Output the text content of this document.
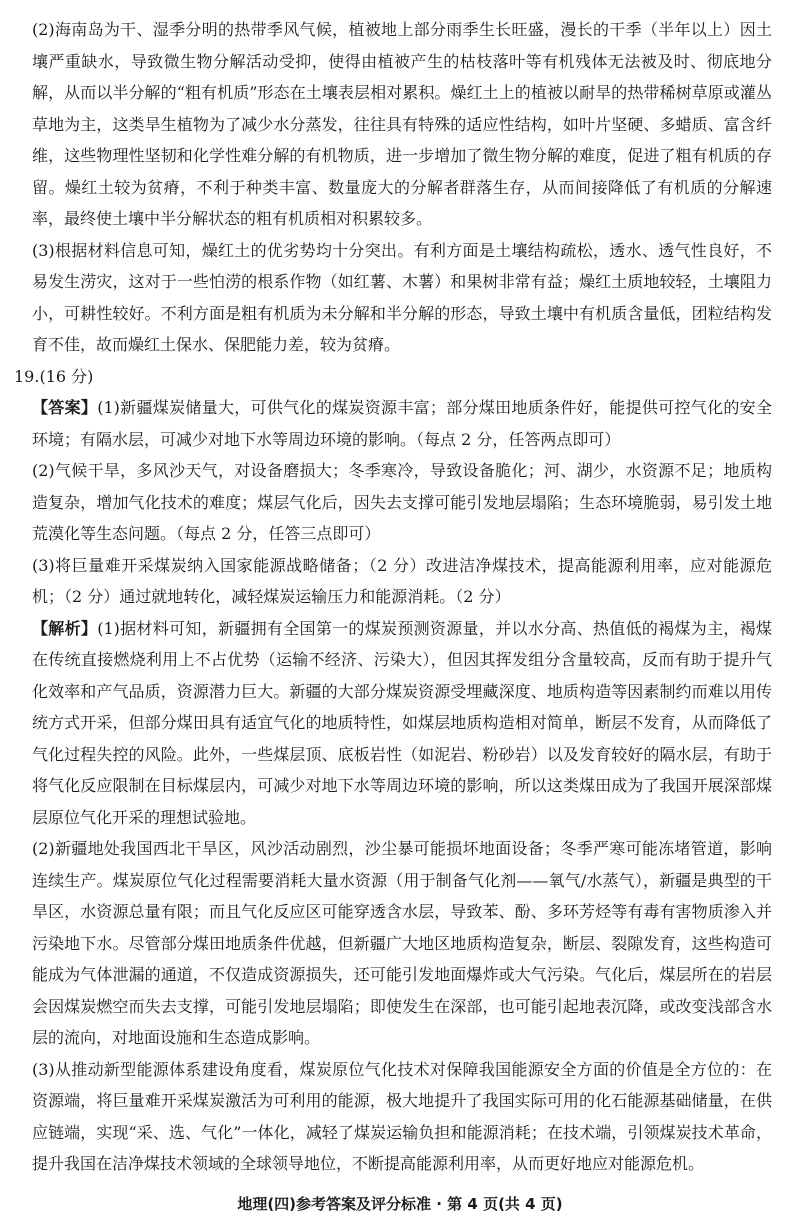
(2)海南岛为干、湿季分明的热带季风气候，植被地上部分雨季生长旺盛，漫长的干季（半年以上）因土壤严重缺水，导致微生物分解活动受抑，使得由植被产生的枯枝落叶等有机残体无法被及时、彻底地分解，从而以半分解的“粗有机质”形态在土壤表层相对累积。燥红土上的植被以耐旱的热带稀树草原或灌丛草地为主，这类旱生植物为了减少水分蒸发，往往具有特殊的适应性结构，如叶片坚硬、多蜡质、富含纤维，这些物理性坚韧和化学性难分解的有机物质，进一步增加了微生物分解的难度，促进了粗有机质的存留。燥红土较为贫瘠，不利于种类丰富、数量庞大的分解者群落生存，从而间接降低了有机质的分解速率，最终使土壤中半分解状态的粗有机质相对积累较多。

(3)根据材料信息可知，燥红土的优劣势均十分突出。有利方面是土壤结构疏松，透水、透气性良好，不易发生涝灾，这对于一些怕涝的根系作物（如红薯、木薯）和果树非常有益；燥红土质地较轻，土壤阻力小，可耕性较好。不利方面是粗有机质为未分解和半分解的形态，导致土壤中有机质含量低，团粒结构发育不佳，故而燥红土保水、保肥能力差，较为贫瘠。

19.(16 分)

【答案】(1)新疆煤炭储量大，可供气化的煤炭资源丰富；部分煤田地质条件好，能提供可控气化的安全环境；有隔水层，可减少对地下水等周边环境的影响。（每点 2 分，任答两点即可）

(2)气候干旱，多风沙天气，对设备磨损大；冬季寒冷，导致设备脆化；河、湖少，水资源不足；地质构造复杂，增加气化技术的难度；煤层气化后，因失去支撑可能引发地层塌陷；生态环境脆弱，易引发土地荒漠化等生态问题。（每点 2 分，任答三点即可）

(3)将巨量难开采煤炭纳入国家能源战略储备；（2 分）改进洁净煤技术，提高能源利用率，应对能源危机；（2 分）通过就地转化，减轻煤炭运输压力和能源消耗。（2 分）

【解析】(1)据材料可知，新疆拥有全国第一的煤炭预测资源量，并以水分高、热值低的褐煤为主，褐煤在传统直接燃烧利用上不占优势（运输不经济、污染大），但因其挥发组分含量较高，反而有助于提升气化效率和产气品质，资源潜力巨大。新疆的大部分煤炭资源受埋藏深度、地质构造等因素制约而难以用传统方式开采，但部分煤田具有适宜气化的地质特性，如煤层地质构造相对简单，断层不发育，从而降低了气化过程失控的风险。此外，一些煤层顶、底板岩性（如泥岩、粉砂岩）以及发育较好的隔水层，有助于将气化反应限制在目标煤层内，可减少对地下水等周边环境的影响，所以这类煤田成为了我国开展深部煤层原位气化开采的理想试验地。

(2)新疆地处我国西北干旱区，风沙活动剧烈，沙尘暴可能损坏地面设备；冬季严寒可能冻堵管道，影响连续生产。煤炭原位气化过程需要消耗大量水资源（用于制备气化剂——氧气/水蒸气），新疆是典型的干旱区，水资源总量有限；而且气化反应区可能穿透含水层，导致苯、酚、多环芳烃等有毒有害物质渗入并污染地下水。尽管部分煤田地质条件优越，但新疆广大地区地质构造复杂，断层、裂隙发育，这些构造可能成为气体泄漏的通道，不仅造成资源损失，还可能引发地面爆炸或大气污染。气化后，煤层所在的岩层会因煤炭燃空而失去支撑，可能引发地层塌陷；即使发生在深部，也可能引起地表沉降，或改变浅部含水层的流向，对地面设施和生态造成影响。

(3)从推动新型能源体系建设角度看，煤炭原位气化技术对保障我国能源安全方面的价值是全方位的：在资源端，将巨量难开采煤炭激活为可利用的能源，极大地提升了我国实际可用的化石能源基础储量，在供应链端，实现“采、选、气化”一体化，减轻了煤炭运输负担和能源消耗；在技术端，引领煤炭技术革命，提升我国在洁净煤技术领域的全球领导地位，不断提高能源利用率，从而更好地应对能源危机。

地理(四)参考答案及评分标准 · 第 4 页(共 4 页)
